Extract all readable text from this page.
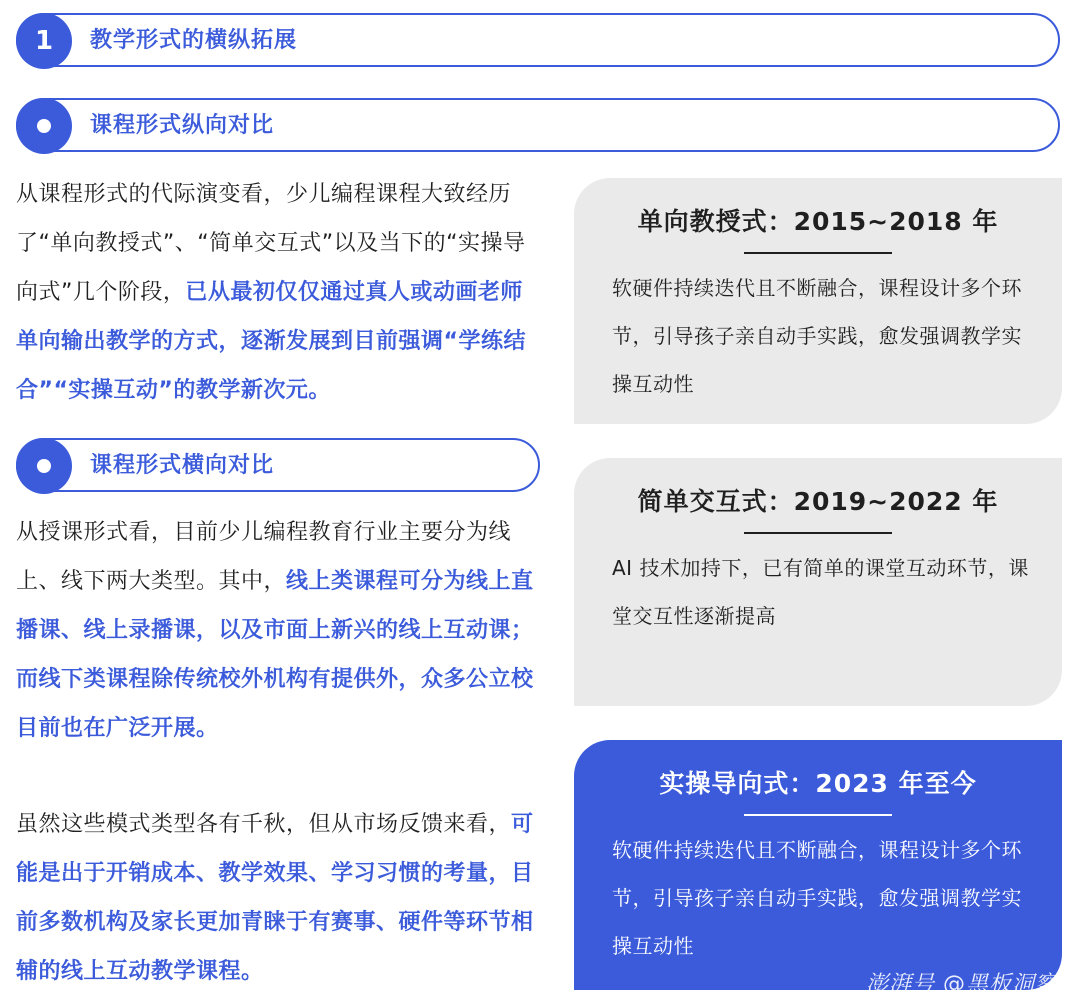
1	教学形式的横纵拓展
课程形式纵向对比
从课程形式的代际演变看，少儿编程课程大致经历了“单向教授式”、“简单交互式”以及当下的“实操导向式”几个阶段，已从最初仅仅通过真人或动画老师单向输出教学的方式，逐渐发展到目前强调“学练结合”“实操互动”的教学新次元。
课程形式横向对比
从授课形式看，目前少儿编程教育行业主要分为线上、线下两大类型。其中，线上类课程可分为线上直播课、线上录播课，以及市面上新兴的线上互动课；而线下类课程除传统校外机构有提供外，众多公立校目前也在广泛开展。
虽然这些模式类型各有千秋，但从市场反馈来看，可能是出于开销成本、教学效果、学习习惯的考量，目前多数机构及家长更加青睐于有赛事、硬件等环节相辅的线上互动教学课程。
单向教授式：2015~2018 年
软硬件持续迭代且不断融合，课程设计多个环节，引导孩子亲自动手实践，愈发强调教学实操互动性
简单交互式：2019~2022 年
AI 技术加持下，已有简单的课堂互动环节，课堂交互性逐渐提高
实操导向式：2023 年至今
软硬件持续迭代且不断融合，课程设计多个环节，引导孩子亲自动手实践，愈发强调教学实操互动性
澎湃号 @黑板洞察
